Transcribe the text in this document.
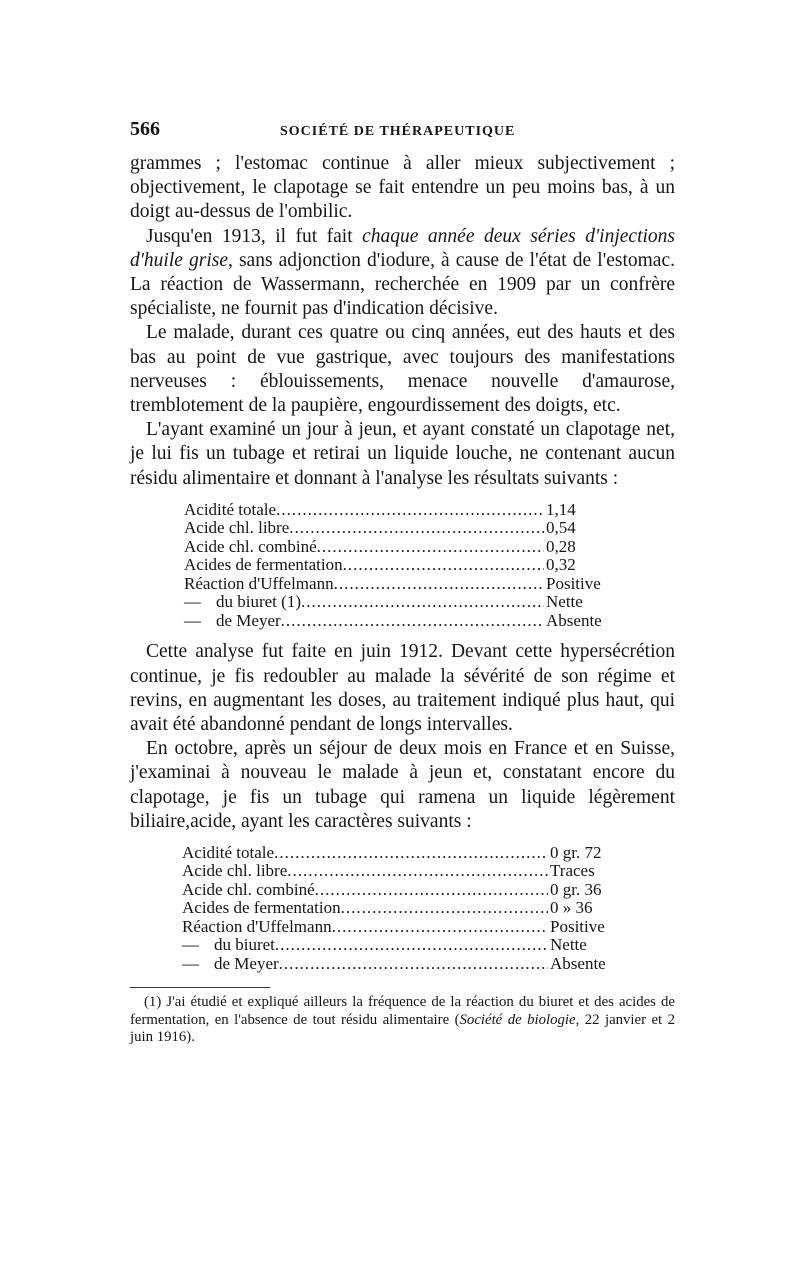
566	SOCIÉTÉ DE THÉRAPEUTIQUE

grammes ; l'estomac continue à aller mieux subjectivement ; objectivement, le clapotage se fait entendre un peu moins bas, à un doigt au-dessus de l'ombilic.

Jusqu'en 1913, il fut fait chaque année deux séries d'injections d'huile grise, sans adjonction d'iodure, à cause de l'état de l'estomac. La réaction de Wassermann, recherchée en 1909 par un confrère spécialiste, ne fournit pas d'indication décisive.

Le malade, durant ces quatre ou cinq années, eut des hauts et des bas au point de vue gastrique, avec toujours des manifestations nerveuses : éblouissements, menace nouvelle d'amaurose, tremblotement de la paupière, engourdissement des doigts, etc.

L'ayant examiné un jour à jeun, et ayant constaté un clapotage net, je lui fis un tubage et retirai un liquide louche, ne contenant aucun résidu alimentaire et donnant à l'analyse les résultats suivants :

Acidité totale .....	1,14
Acide chl. libre .....	0,54
Acide chl. combiné .....	0,28
Acides de fermentation .....	0,32
Réaction d'Uffelmann .....	Positive
— du biuret (1) .....	Nette
— de Meyer .....	Absente

Cette analyse fut faite en juin 1912. Devant cette hypersécrétion continue, je fis redoubler au malade la sévérité de son régime et revins, en augmentant les doses, au traitement indiqué plus haut, qui avait été abandonné pendant de longs intervalles.

En octobre, après un séjour de deux mois en France et en Suisse, j'examinai à nouveau le malade à jeun et, constatant encore du clapotage, je fis un tubage qui ramena un liquide légèrement biliaire,acide, ayant les caractères suivants :

Acidité totale .....	0 gr. 72
Acide chl. libre .....	Traces
Acide chl. combiné .....	0 gr. 36
Acides de fermentation .....	0 » 36
Réaction d'Uffelmann .....	Positive
— du biuret .....	Nette
— de Meyer .....	Absente

(1) J'ai étudié et expliqué ailleurs la fréquence de la réaction du biuret et des acides de fermentation, en l'absence de tout résidu alimentaire (Société de biologie, 22 janvier et 2 juin 1916).
